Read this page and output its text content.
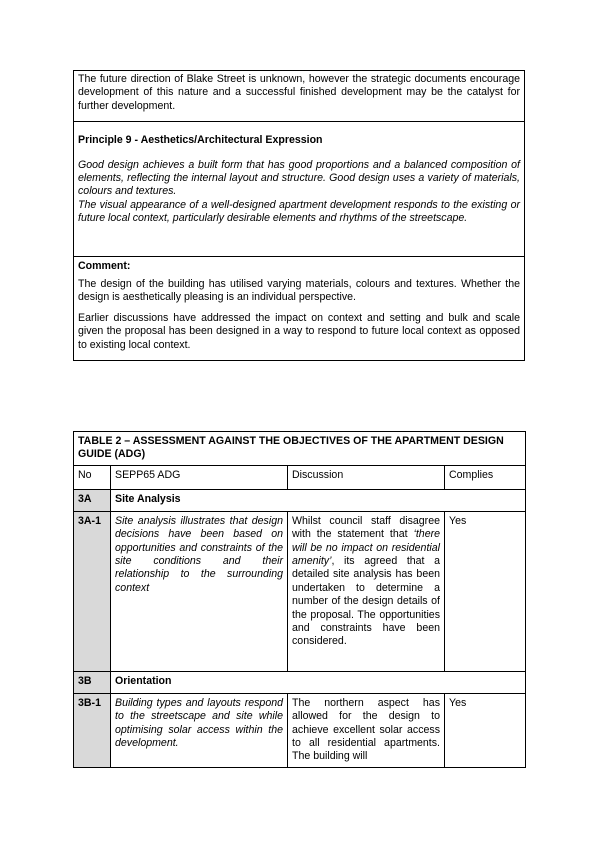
The future direction of Blake Street is unknown, however the strategic documents encourage development of this nature and a successful finished development may be the catalyst for further development.

Principle 9 - Aesthetics/Architectural Expression

Good design achieves a built form that has good proportions and a balanced composition of elements, reflecting the internal layout and structure. Good design uses a variety of materials, colours and textures.

The visual appearance of a well-designed apartment development responds to the existing or future local context, particularly desirable elements and rhythms of the streetscape.

Comment:

The design of the building has utilised varying materials, colours and textures. Whether the design is aesthetically pleasing is an individual perspective.

Earlier discussions have addressed the impact on context and setting and bulk and scale given the proposal has been designed in a way to respond to future local context as opposed to existing local context.

TABLE 2 – ASSESSMENT AGAINST THE OBJECTIVES OF THE APARTMENT DESIGN GUIDE (ADG)			
No	SEPP65 ADG	Discussion	Complies
3A	Site Analysis		
3A-1	Site analysis illustrates that design decisions have been based on opportunities and constraints of the site conditions and their relationship to the surrounding context	Whilst council staff disagree with the statement that ‘there will be no impact on residential amenity’, its agreed that a detailed site analysis has been undertaken to determine a number of the design details of the proposal. The opportunities and constraints have been considered.	Yes
3B	Orientation		
3B-1	Building types and layouts respond to the streetscape and site while optimising solar access within the development.	The northern aspect has allowed for the design to achieve excellent solar access to all residential apartments. The building will	Yes
